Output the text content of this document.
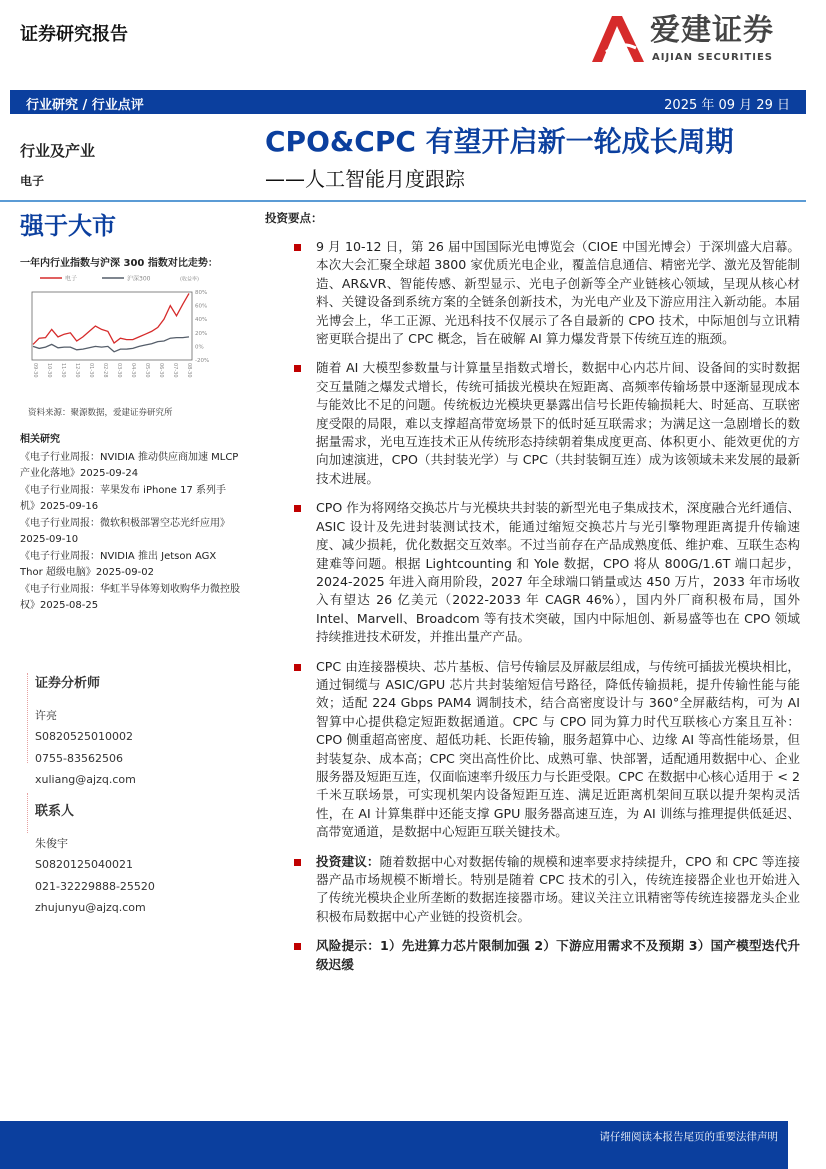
证券研究报告	爱建证券
AIJIAN SECURITIES
行业研究 / 行业点评	2025 年 09 月 29 日
CPO&CPC 有望开启新一轮成长周期
——人工智能月度跟踪
行业及产业
电子
强于大市
一年内行业指数与沪深 300 指数对比走势：
电子	沪深300	(收益率)
80%
60%
40%
20%
0%
-20%
09-30 10-30 11-30 12-30 01-30 02-28 03-30 04-30 05-30 06-30 07-30 08-30
资料来源：聚源数据，爱建证券研究所
相关研究
《电子行业周报：NVIDIA 推动供应商加速 MLCP 产业化落地》2025-09-24
《电子行业周报：苹果发布 iPhone 17 系列手机》2025-09-16
《电子行业周报：微软积极部署空芯光纤应用》2025-09-10
《电子行业周报：NVIDIA 推出 Jetson AGX Thor 超级电脑》2025-09-02
《电子行业周报：华虹半导体筹划收购华力微控股权》2025-08-25
证券分析师
许亮
S0820525010002
0755-83562506
xuliang@ajzq.com
联系人
朱俊宇
S0820125040021
021-32229888-25520
zhujunyu@ajzq.com
投资要点：
9 月 10-12 日，第 26 届中国国际光电博览会（CIOE 中国光博会）于深圳盛大启幕。本次大会汇聚全球超 3800 家优质光电企业，覆盖信息通信、精密光学、激光及智能制造、AR&VR、智能传感、新型显示、光电子创新等全产业链核心领域，呈现从核心材料、关键设备到系统方案的全链条创新技术，为光电产业及下游应用注入新动能。本届光博会上，华工正源、光迅科技不仅展示了各自最新的 CPO 技术，中际旭创与立讯精密更联合提出了 CPC 概念，旨在破解 AI 算力爆发背景下传统互连的瓶颈。
随着 AI 大模型参数量与计算量呈指数式增长，数据中心内芯片间、设备间的实时数据交互量随之爆发式增长，传统可插拔光模块在短距离、高频率传输场景中逐渐显现成本与能效比不足的问题。传统板边光模块更暴露出信号长距传输损耗大、时延高、互联密度受限的局限，难以支撑超高带宽场景下的低时延互联需求；为满足这一急剧增长的数据量需求，光电互连技术正从传统形态持续朝着集成度更高、体积更小、能效更优的方向加速演进，CPO（共封装光学）与 CPC（共封装铜互连）成为该领域未来发展的最新技术进展。
CPO 作为将网络交换芯片与光模块共封装的新型光电子集成技术，深度融合光纤通信、ASIC 设计及先进封装测试技术，能通过缩短交换芯片与光引擎物理距离提升传输速度、减少损耗，优化数据交互效率。不过当前存在产品成熟度低、维护难、互联生态构建难等问题。根据 Lightcounting 和 Yole 数据，CPO 将从 800G/1.6T 端口起步，2024-2025 年进入商用阶段，2027 年全球端口销量或达 450 万片，2033 年市场收入有望达 26 亿美元（2022-2033 年 CAGR 46%），国内外厂商积极布局，国外 Intel、Marvell、Broadcom 等有技术突破，国内中际旭创、新易盛等也在 CPO 领域持续推进技术研发，并推出量产产品。
CPC 由连接器模块、芯片基板、信号传输层及屏蔽层组成，与传统可插拔光模块相比，通过铜缆与 ASIC/GPU 芯片共封装缩短信号路径，降低传输损耗，提升传输性能与能效；适配 224 Gbps PAM4 调制技术，结合高密度设计与 360°全屏蔽结构，可为 AI 智算中心提供稳定短距数据通道。CPC 与 CPO 同为算力时代互联核心方案且互补：CPO 侧重超高密度、超低功耗、长距传输，服务超算中心、边缘 AI 等高性能场景，但封装复杂、成本高；CPC 突出高性价比、成熟可靠、快部署，适配通用数据中心、企业服务器及短距互连，仅面临速率升级压力与长距受限。CPC 在数据中心核心适用于 < 2 千米互联场景，可实现机架内设备短距互连、满足近距离机架间互联以提升架构灵活性，在 AI 计算集群中还能支撑 GPU 服务器高速互连，为 AI 训练与推理提供低延迟、高带宽通道，是数据中心短距互联关键技术。
投资建议：随着数据中心对数据传输的规模和速率要求持续提升，CPO 和 CPC 等连接器产品市场规模不断增长。特别是随着 CPC 技术的引入，传统连接器企业也开始进入了传统光模块企业所垄断的数据连接器市场。建议关注立讯精密等传统连接器龙头企业积极布局数据中心产业链的投资机会。
风险提示：1）先进算力芯片限制加强 2）下游应用需求不及预期 3）国产模型迭代升级迟缓
请仔细阅读本报告尾页的重要法律声明
